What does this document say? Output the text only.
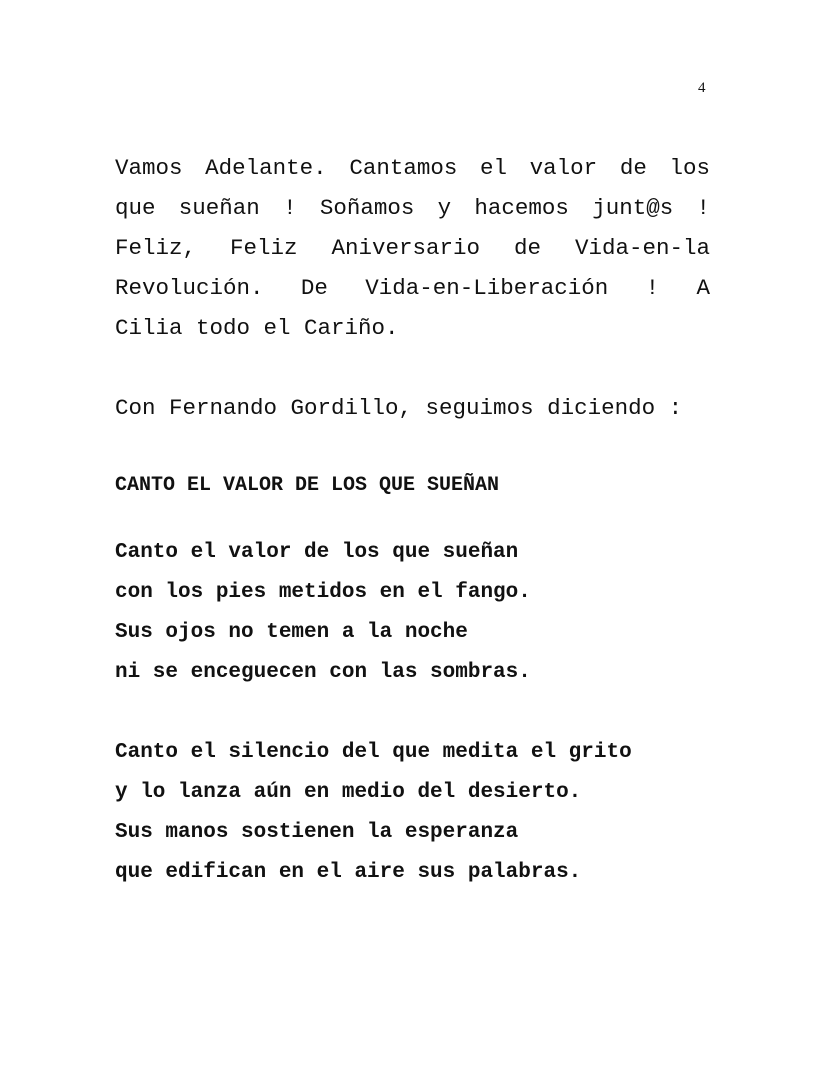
4
Vamos Adelante. Cantamos el valor de los
que sueñan ! Soñamos y hacemos junt@s !
Feliz, Feliz Aniversario de Vida-en-la
Revolución. De Vida-en-Liberación ! A
Cilia todo el Cariño.
Con Fernando Gordillo, seguimos diciendo :
CANTO EL VALOR DE LOS QUE SUEÑAN
Canto el valor de los que sueñan
con los pies metidos en el fango.
Sus ojos no temen a la noche
ni se enceguecen con las sombras.
Canto el silencio del que medita el grito
y lo lanza aún en medio del desierto.
Sus manos sostienen la esperanza
que edifican en el aire sus palabras.
